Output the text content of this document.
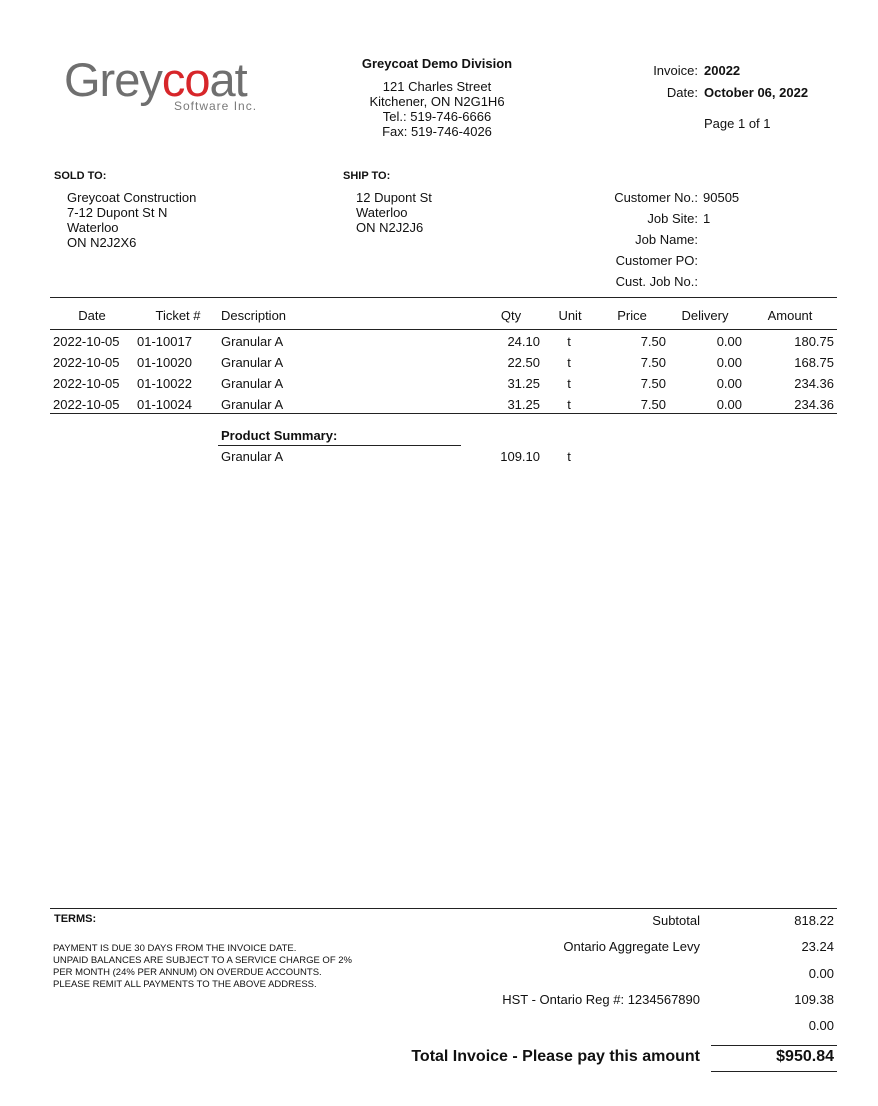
Greycoat
Software Inc.
Greycoat Demo Division
121 Charles Street
Kitchener, ON N2G1H6
Tel.: 519-746-6666
Fax: 519-746-4026
Invoice: 20022
Date: October 06, 2022
Page 1 of 1
SOLD TO:
Greycoat Construction
7-12 Dupont St N
Waterloo
ON N2J2X6
SHIP TO:
12 Dupont St
Waterloo
ON N2J2J6
Customer No.: 90505
Job Site: 1
Job Name:
Customer PO:
Cust. Job No.:
Date	Ticket #	Description	Qty	Unit	Price	Delivery	Amount
2022-10-05 01-10017 Granular A	24.10	t	7.50	0.00	180.75
2022-10-05 01-10020 Granular A	22.50	t	7.50	0.00	168.75
2022-10-05 01-10022 Granular A	31.25	t	7.50	0.00	234.36
2022-10-05 01-10024 Granular A	31.25	t	7.50	0.00	234.36
Product Summary:
Granular A	109.10	t
TERMS:
PAYMENT IS DUE 30 DAYS FROM THE INVOICE DATE.
UNPAID BALANCES ARE SUBJECT TO A SERVICE CHARGE OF 2%
PER MONTH (24% PER ANNUM) ON OVERDUE ACCOUNTS.
PLEASE REMIT ALL PAYMENTS TO THE ABOVE ADDRESS.
Subtotal	818.22
Ontario Aggregate Levy	23.24
0.00
HST - Ontario Reg #: 1234567890	109.38
0.00
Total Invoice - Please pay this amount	$950.84
